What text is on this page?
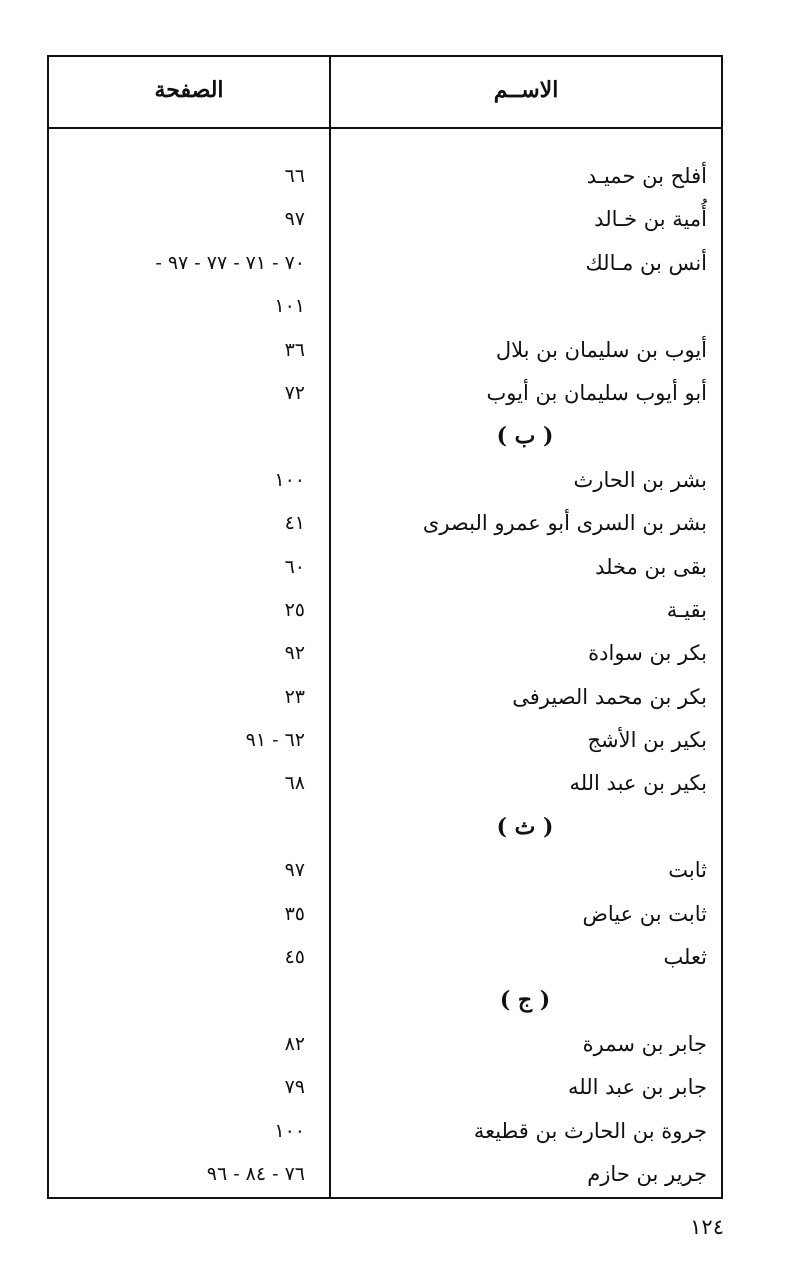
الاســم
الصفحة
أفلح بن حميـد
٦٦
أُمية بن خـالد
٩٧
أنس بن مـالك
٧٠ - ٧١ - ٧٧ - ٩٧ -
١٠١
أيوب بن سليمان بن بلال
٣٦
أبو أيوب سليمان بن أيوب
٧٢
( ب )
بشر بن الحارث
١٠٠
بشر بن السرى أبو عمرو البصرى
٤١
بقى بن مخلد
٦٠
بقيـة
٢٥
بكر بن سوادة
٩٢
بكر بن محمد الصيرفى
٢٣
بكير بن الأشج
٦٢ - ٩١
بكير بن عبد الله
٦٨
( ث )
ثابت
٩٧
ثابت بن عياض
٣٥
ثعلب
٤٥
( ج )
جابر بن سمرة
٨٢
جابر بن عبد الله
٧٩
جروة بن الحارث بن قطيعة
١٠٠
جرير بن حازم
٧٦ - ٨٤ - ٩٦
١٢٤
